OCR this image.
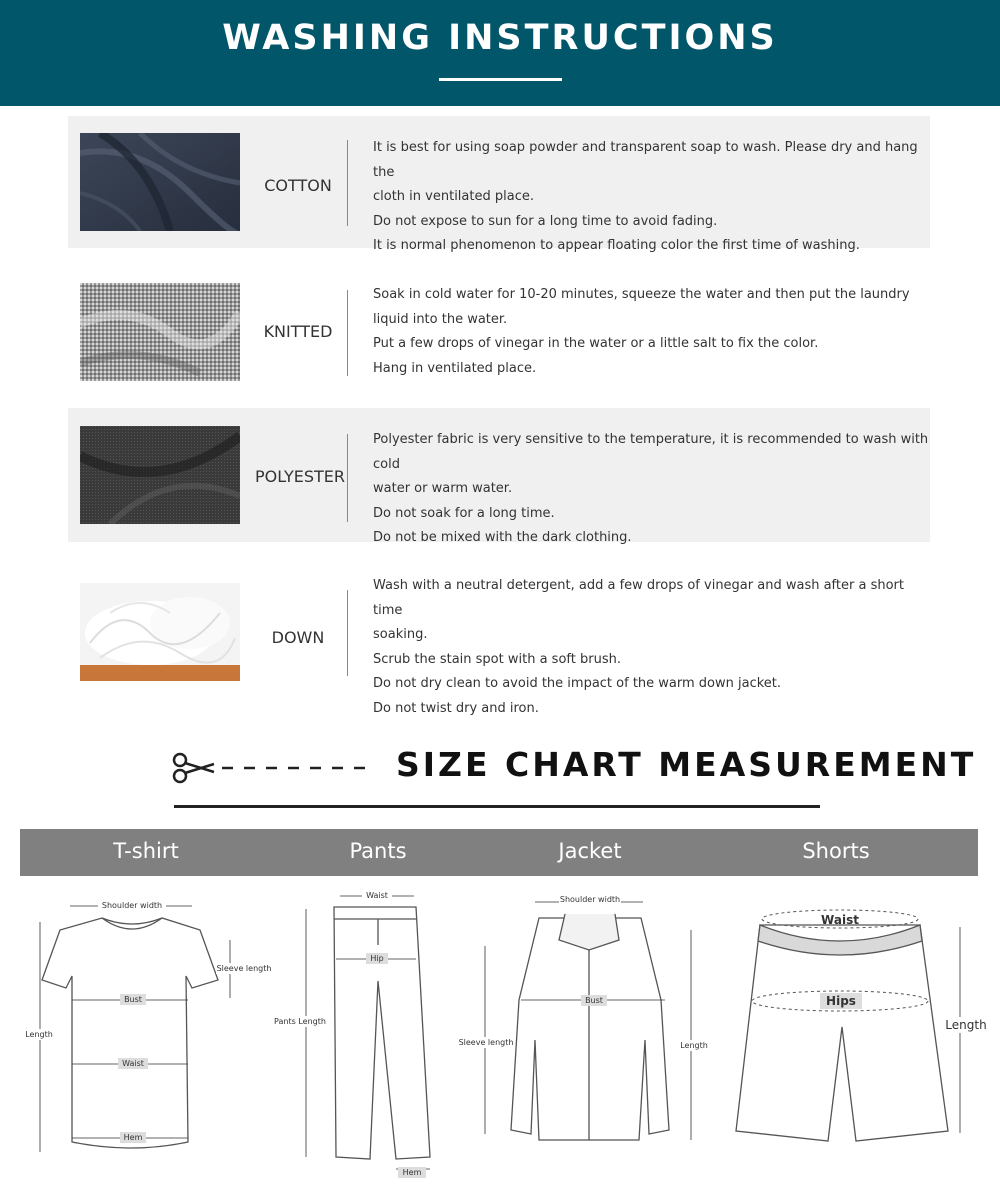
WASHING INSTRUCTIONS
COTTON
It is best for using soap powder and transparent soap to wash. Please dry and hang the
cloth in ventilated place.
Do not expose to sun for a long time to avoid fading.
It is normal phenomenon to appear floating color the first time of washing.
KNITTED
Soak in cold water for 10-20 minutes, squeeze the water and then put the laundry
liquid into the water.
Put a few drops of vinegar in the water or a little salt to fix the color.
Hang in ventilated place.
POLYESTER
Polyester fabric is very sensitive to the temperature, it is recommended to wash with cold
water or warm water.
Do not soak for a long time.
Do not be mixed with the dark clothing.
DOWN
Wash with a neutral detergent, add a few drops of vinegar and wash after a short time
soaking.
Scrub the stain spot with a soft brush.
Do not dry clean to avoid the impact of the warm down jacket.
Do not twist dry and iron.
SIZE CHART MEASUREMENT
T-shirt	Pants	Jacket	Shorts
Shoulder width
Sleeve length
Bust
Length
Waist
Hem
Waist
Hip
Pants Length
Hem
Shoulder width
Bust
Sleeve length	Length
Waist
Hips
Length
